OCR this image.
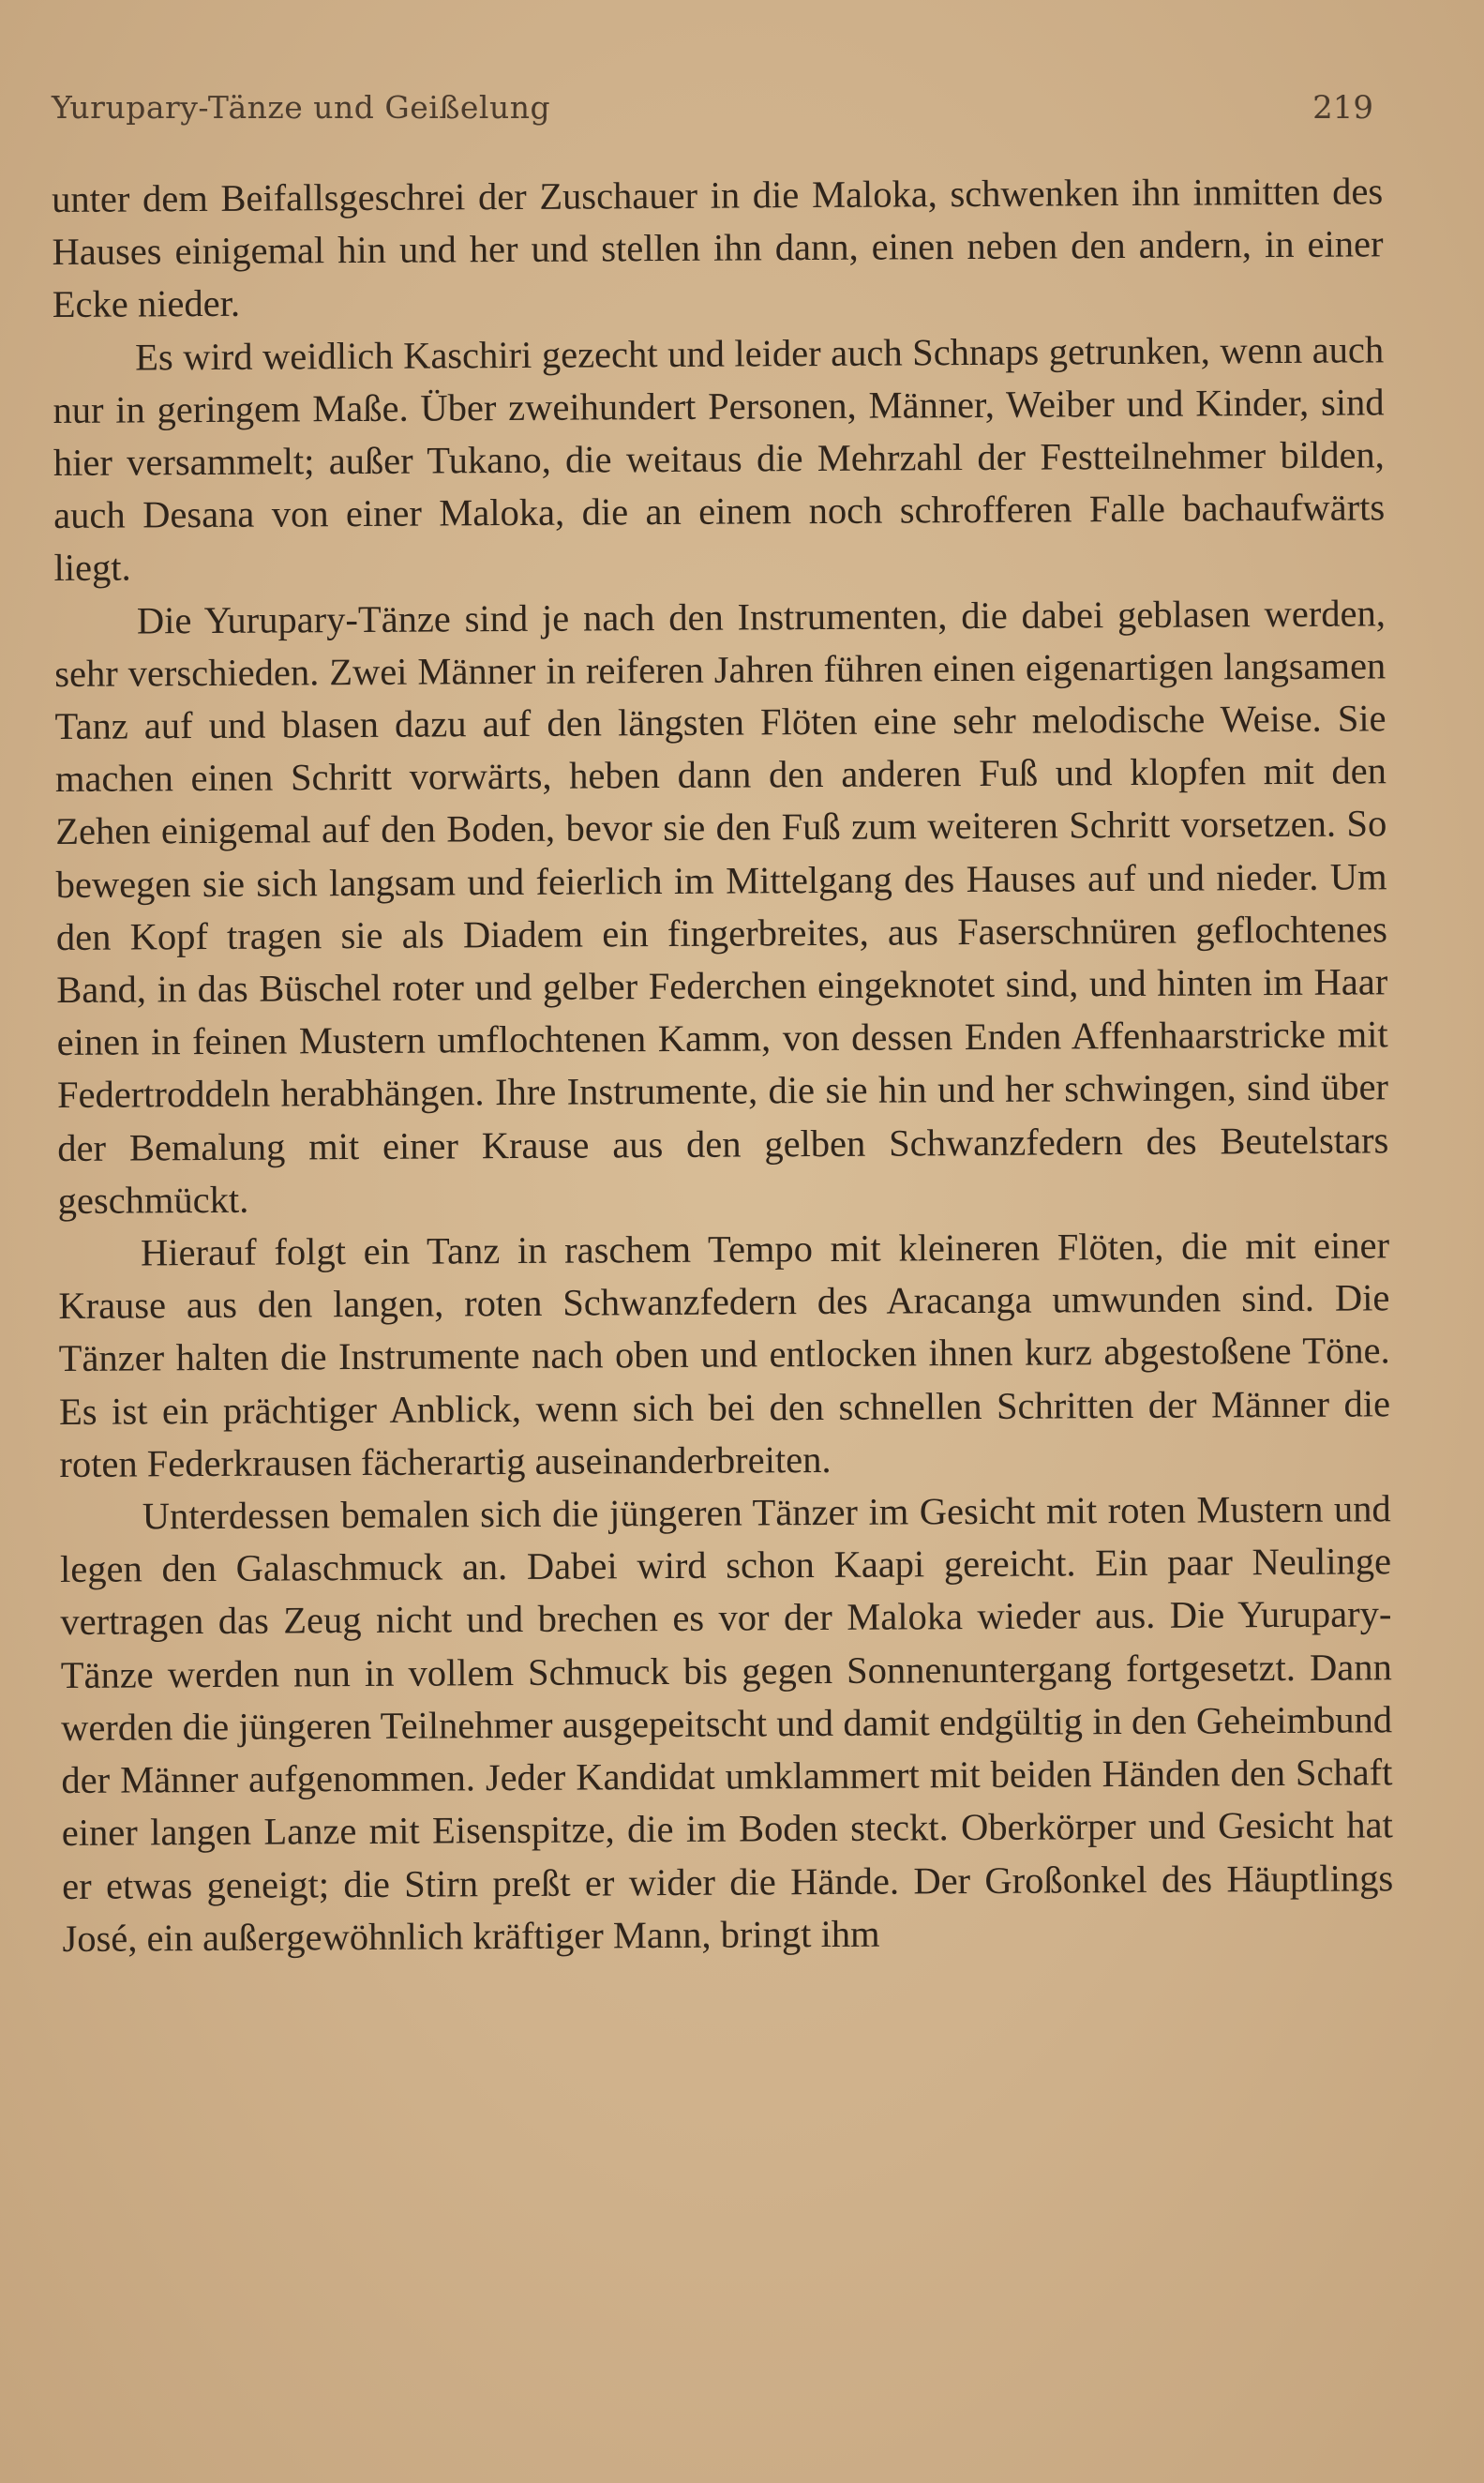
Yurupary-Tänze und Geißelung	219

unter dem Beifallsgeschrei der Zuschauer in die Maloka, schwenken ihn inmitten des Hauses einigemal hin und her und stellen ihn dann, einen neben den andern, in einer Ecke nieder.

Es wird weidlich Kaschiri gezecht und leider auch Schnaps getrunken, wenn auch nur in geringem Maße. Über zweihundert Personen, Männer, Weiber und Kinder, sind hier versammelt; außer Tukano, die weitaus die Mehrzahl der Festteilnehmer bilden, auch Desana von einer Maloka, die an einem noch schrofferen Falle bachaufwärts liegt.

Die Yurupary-Tänze sind je nach den Instrumenten, die dabei geblasen werden, sehr verschieden. Zwei Männer in reiferen Jahren führen einen eigenartigen langsamen Tanz auf und blasen dazu auf den längsten Flöten eine sehr melodische Weise. Sie machen einen Schritt vorwärts, heben dann den anderen Fuß und klopfen mit den Zehen einigemal auf den Boden, bevor sie den Fuß zum weiteren Schritt vorsetzen. So bewegen sie sich langsam und feierlich im Mittelgang des Hauses auf und nieder. Um den Kopf tragen sie als Diadem ein fingerbreites, aus Faserschnüren geflochtenes Band, in das Büschel roter und gelber Federchen eingeknotet sind, und hinten im Haar einen in feinen Mustern umflochtenen Kamm, von dessen Enden Affenhaarstricke mit Federtroddeln herabhängen. Ihre Instrumente, die sie hin und her schwingen, sind über der Bemalung mit einer Krause aus den gelben Schwanzfedern des Beutelstars geschmückt.

Hierauf folgt ein Tanz in raschem Tempo mit kleineren Flöten, die mit einer Krause aus den langen, roten Schwanzfedern des Aracanga umwunden sind. Die Tänzer halten die Instrumente nach oben und entlocken ihnen kurz abgestoßene Töne. Es ist ein prächtiger Anblick, wenn sich bei den schnellen Schritten der Männer die roten Federkrausen fächerartig auseinanderbreiten.

Unterdessen bemalen sich die jüngeren Tänzer im Gesicht mit roten Mustern und legen den Galaschmuck an. Dabei wird schon Kaapi gereicht. Ein paar Neulinge vertragen das Zeug nicht und brechen es vor der Maloka wieder aus. Die Yurupary-Tänze werden nun in vollem Schmuck bis gegen Sonnenuntergang fortgesetzt. Dann werden die jüngeren Teilnehmer ausgepeitscht und damit endgültig in den Geheimbund der Männer aufgenommen. Jeder Kandidat umklammert mit beiden Händen den Schaft einer langen Lanze mit Eisenspitze, die im Boden steckt. Oberkörper und Gesicht hat er etwas geneigt; die Stirn preßt er wider die Hände. Der Großonkel des Häuptlings José, ein außergewöhnlich kräftiger Mann, bringt ihm
